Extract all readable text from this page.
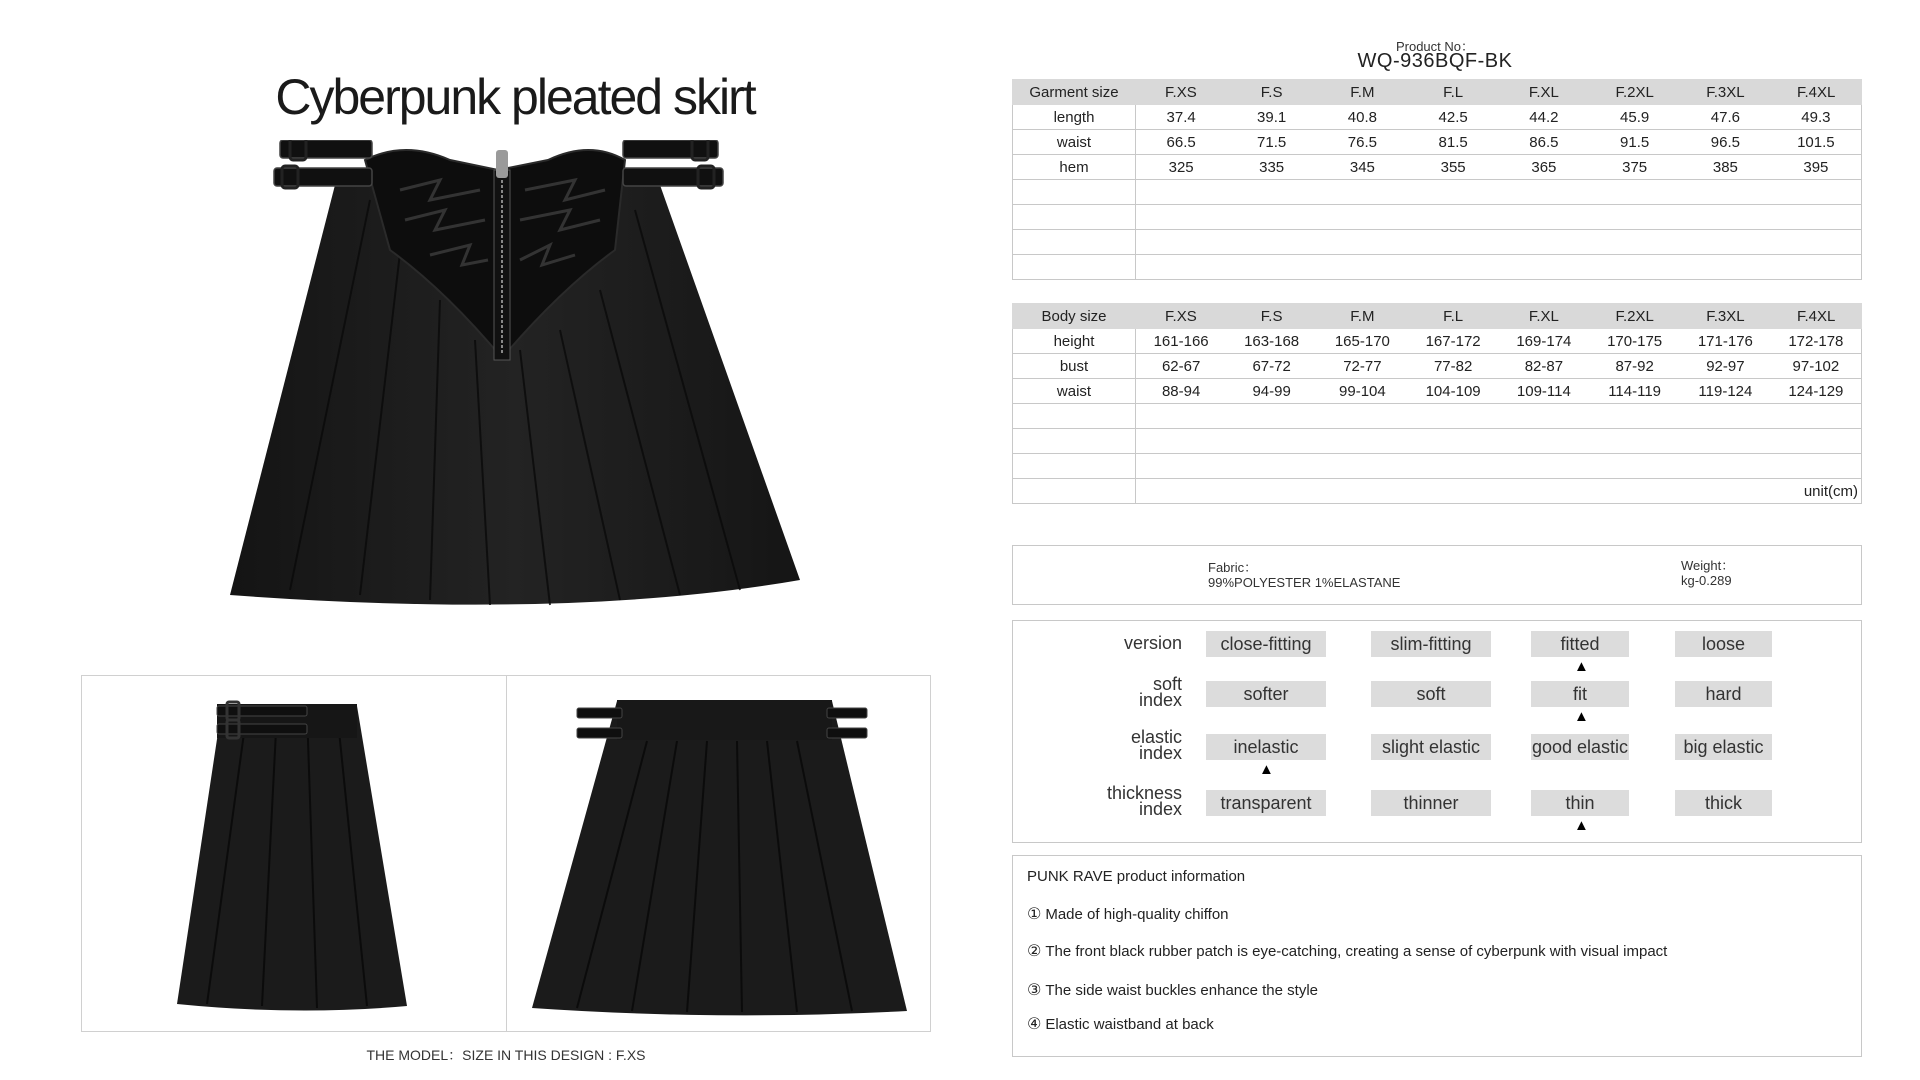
Cyberpunk pleated skirt
THE MODEL：SIZE IN THIS DESIGN : F.XS
Product No：
WQ-936BQF-BK
Garment size	F.XS	F.S	F.M	F.L	F.XL	F.2XL	F.3XL	F.4XL
length	37.4	39.1	40.8	42.5	44.2	45.9	47.6	49.3
waist	66.5	71.5	76.5	81.5	86.5	91.5	96.5	101.5
hem	325	335	345	355	365	375	385	395

Body size	F.XS	F.S	F.M	F.L	F.XL	F.2XL	F.3XL	F.4XL
height	161-166	163-168	165-170	167-172	169-174	170-175	171-176	172-178
bust	62-67	67-72	72-77	77-82	82-87	87-92	92-97	97-102
waist	88-94	94-99	99-104	104-109	109-114	114-119	119-124	124-129

	unit(cm)							
Fabric：
99%POLYESTER 1%ELASTANE
Weight：
kg-0.289
version	close-fitting	slim-fitting	fitted	loose
▲
soft
index	softer	soft	fit	hard
▲
elastic
index	inelastic	slight elastic	good elastic	big elastic
▲
thickness
index	transparent	thinner	thin	thick
▲
PUNK RAVE product information
① Made of high-quality chiffon
② The front black rubber patch is eye-catching, creating a sense of cyberpunk with visual impact
③ The side waist buckles enhance the style
④ Elastic waistband at back
